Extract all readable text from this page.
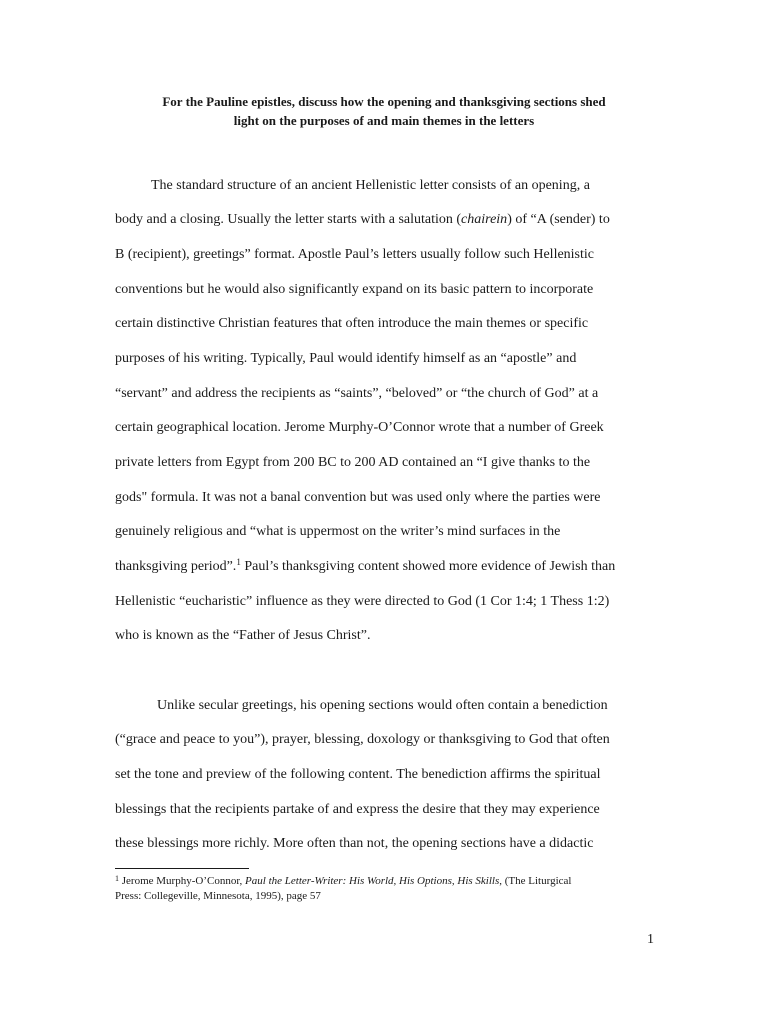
For the Pauline epistles, discuss how the opening and thanksgiving sections shed
light on the purposes of and main themes in the letters
The standard structure of an ancient Hellenistic letter consists of an opening, a
body and a closing. Usually the letter starts with a salutation (chairein) of “A (sender) to
B (recipient), greetings” format. Apostle Paul’s letters usually follow such Hellenistic
conventions but he would also significantly expand on its basic pattern to incorporate
certain distinctive Christian features that often introduce the main themes or specific
purposes of his writing. Typically, Paul would identify himself as an “apostle” and
“servant” and address the recipients as “saints”, “beloved” or “the church of God” at a
certain geographical location. Jerome Murphy-O’Connor wrote that a number of Greek
private letters from Egypt from 200 BC to 200 AD contained an “I give thanks to the
gods" formula. It was not a banal convention but was used only where the parties were
genuinely religious and “what is uppermost on the writer’s mind surfaces in the
thanksgiving period”.$^1$ Paul’s thanksgiving content showed more evidence of Jewish than
Hellenistic “eucharistic” influence as they were directed to God (1 Cor 1:4; 1 Thess 1:2)
who is known as the “Father of Jesus Christ”.
Unlike secular greetings, his opening sections would often contain a benediction
(“grace and peace to you”), prayer, blessing, doxology or thanksgiving to God that often
set the tone and preview of the following content. The benediction affirms the spiritual
blessings that the recipients partake of and express the desire that they may experience
these blessings more richly. More often than not, the opening sections have a didactic
$^1$ Jerome Murphy-O’Connor, Paul the Letter-Writer: His World, His Options, His Skills, (The Liturgical
Press: Collegeville, Minnesota, 1995), page 57
1
